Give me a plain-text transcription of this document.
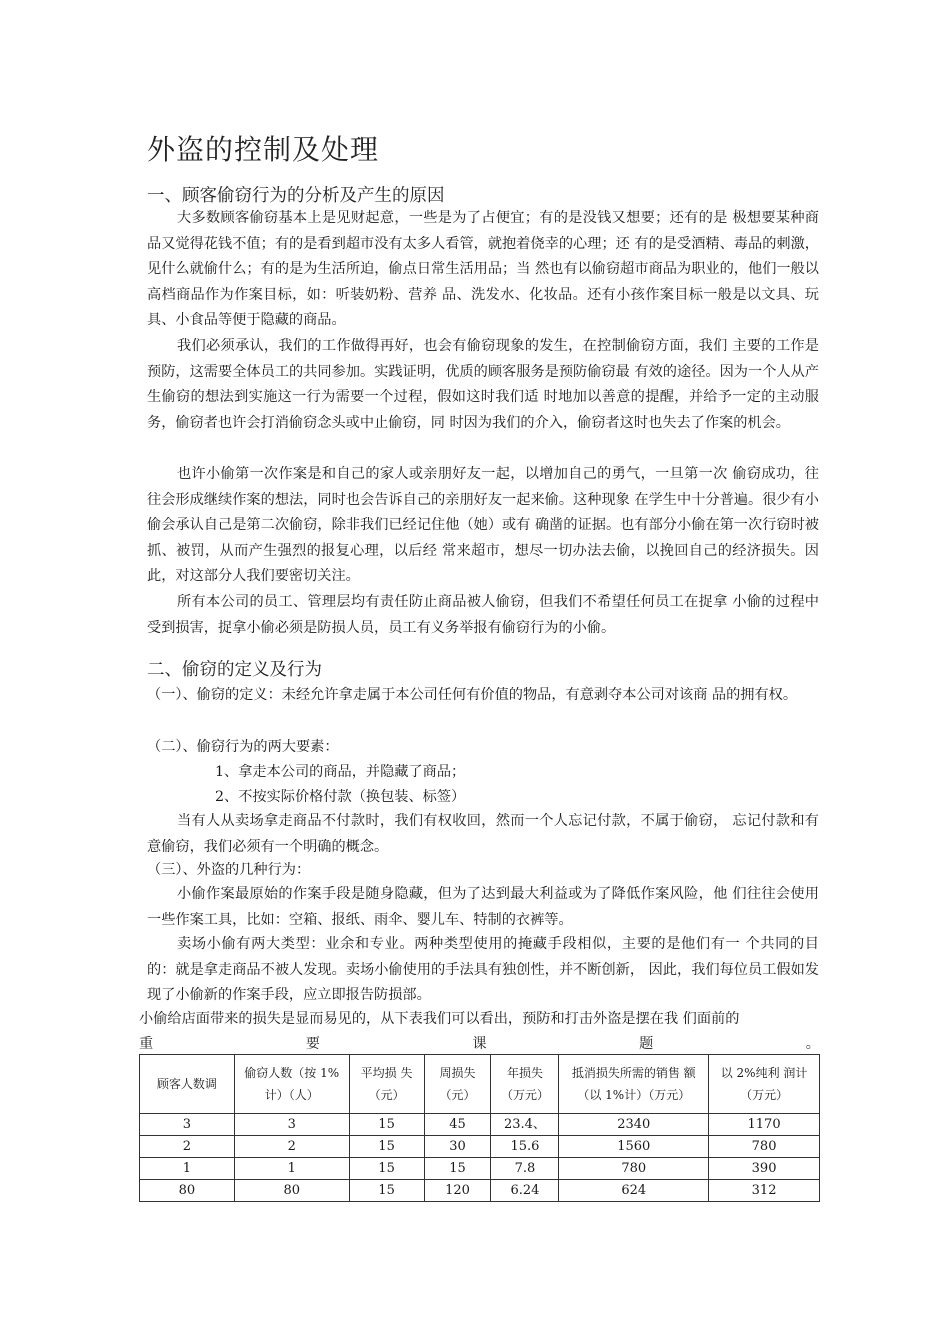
外盗的控制及处理
一、顾客偷窃行为的分析及产生的原因

大多数顾客偷窃基本上是见财起意，一些是为了占便宜；有的是没钱又想要；还有的是 极想要某种商品又觉得花钱不值；有的是看到超市没有太多人看管，就抱着侥幸的心理；还 有的是受酒精、毒品的刺激，见什么就偷什么；有的是为生活所迫，偷点日常生活用品；当 然也有以偷窃超市商品为职业的，他们一般以高档商品作为作案目标，如：听装奶粉、营养 品、洗发水、化妆品。还有小孩作案目标一般是以文具、玩具、小食品等便于隐藏的商品。

我们必须承认，我们的工作做得再好，也会有偷窃现象的发生，在控制偷窃方面，我们 主要的工作是预防，这需要全体员工的共同参加。实践证明，优质的顾客服务是预防偷窃最 有效的途径。因为一个人从产生偷窃的想法到实施这一行为需要一个过程，假如这时我们适 时地加以善意的提醒，并给予一定的主动服务，偷窃者也许会打消偷窃念头或中止偷窃，同 时因为我们的介入，偷窃者这时也失去了作案的机会。

也许小偷第一次作案是和自己的家人或亲朋好友一起，以增加自己的勇气，一旦第一次 偷窃成功，往往会形成继续作案的想法，同时也会告诉自己的亲朋好友一起来偷。这种现象 在学生中十分普遍。很少有小偷会承认自己是第二次偷窃，除非我们已经记住他（她）或有 确凿的证据。也有部分小偷在第一次行窃时被抓、被罚，从而产生强烈的报复心理，以后经 常来超市，想尽一切办法去偷，以挽回自己的经济损失。因此，对这部分人我们要密切关注。

所有本公司的员工、管理层均有责任防止商品被人偷窃，但我们不希望任何员工在捉拿 小偷的过程中受到损害，捉拿小偷必须是防损人员，员工有义务举报有偷窃行为的小偷。

二、偷窃的定义及行为

（一）、偷窃的定义：未经允许拿走属于本公司任何有价值的物品，有意剥夺本公司对该商 品的拥有权。

（二）、偷窃行为的两大要素：
1、拿走本公司的商品，并隐藏了商品；
2、不按实际价格付款（换包装、标签）

当有人从卖场拿走商品不付款时，我们有权收回，然而一个人忘记付款，不属于偷窃， 忘记付款和有意偷窃，我们必须有一个明确的概念。

（三）、外盗的几种行为：

小偷作案最原始的作案手段是随身隐藏，但为了达到最大利益或为了降低作案风险，他 们往往会使用一些作案工具，比如：空箱、报纸、雨伞、婴儿车、特制的衣裤等。

卖场小偷有两大类型：业余和专业。两种类型使用的掩藏手段相似，主要的是他们有一 个共同的目的：就是拿走商品不被人发现。卖场小偷使用的手法具有独创性，并不断创新， 因此，我们每位员工假如发现了小偷新的作案手段，应立即报告防损部。

小偷给店面带来的损失是显而易见的，从下表我们可以看出，预防和打击外盗是摆在我 们面前的

重	要	课	题	。
顾客人数调	偷窃人数（按 1%计）（人）	平均损 失（元）	周损失（元）	年损失（万元）	抵消损失所需的销售 额（以 1%计）（万元）	以 2%纯利 润计（万元）
3	3	15	45	23.4、	2340	1170
2	2	15	30	15.6	1560	780
1	1	15	15	7.8	780	390
80	80	15	120	6.24	624	312
